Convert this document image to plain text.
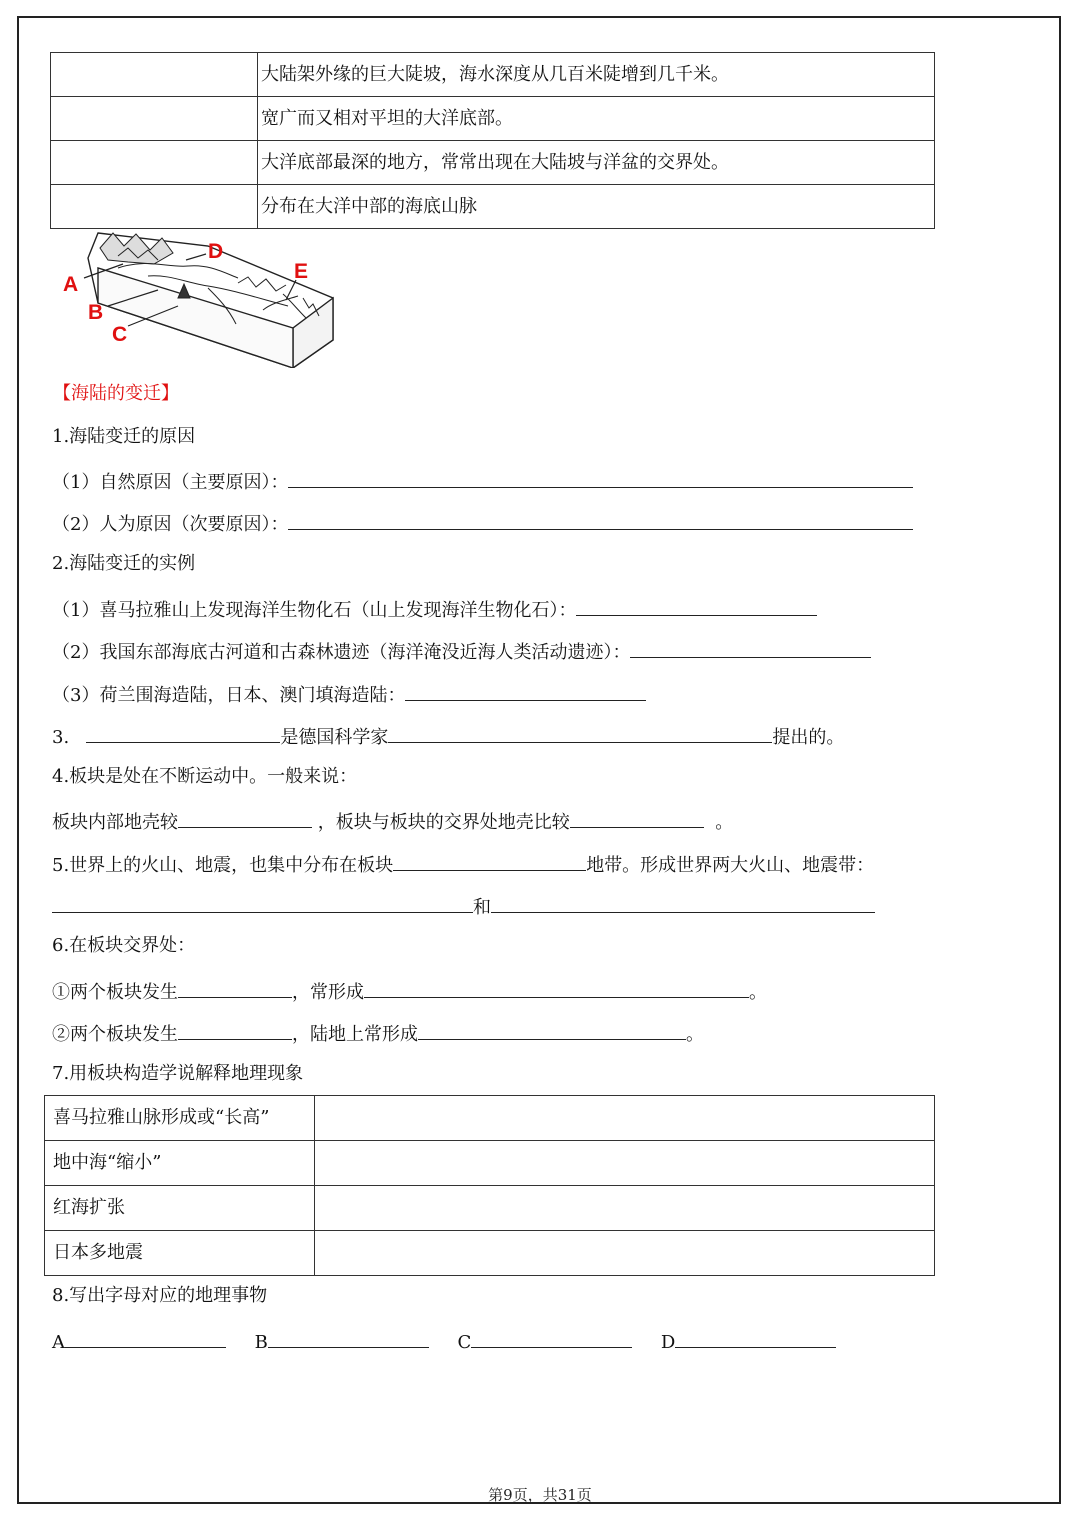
	大陆架外缘的巨大陡坡，海水深度从几百米陡增到几千米。
	宽广而又相对平坦的大洋底部。
	大洋底部最深的地方，常常出现在大陆坡与洋盆的交界处。
	分布在大洋中部的海底山脉
A
B
C
D
E
【海陆的变迁】
1.海陆变迁的原因
（1）自然原因（主要原因）：
（2）人为原因（次要原因）：
2.海陆变迁的实例
（1）喜马拉雅山上发现海洋生物化石（山上发现海洋生物化石）：
（2）我国东部海底古河道和古森林遗迹（海洋淹没近海人类活动遗迹）：
（3）荷兰围海造陆，日本、澳门填海造陆：
3.	是德国科学家	提出的。
4.板块是处在不断运动中。一般来说：
板块内部地壳较	，板块与板块的交界处地壳比较	。
5.世界上的火山、地震，也集中分布在板块	地带。形成世界两大火山、地震带：
和
6.在板块交界处：
①两个板块发生	，常形成	。
②两个板块发生	，陆地上常形成	。
7.用板块构造学说解释地理现象
喜马拉雅山脉形成或“长高”	
地中海“缩小”	
红海扩张	
日本多地震	
8.写出字母对应的地理事物
A	B	C	D
第9页，共31页
